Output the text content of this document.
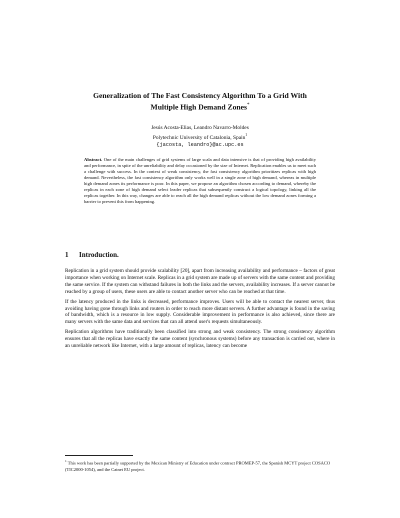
Generalization of The Fast Consistency Algorithm To a Grid With Multiple High Demand Zones*
Jesús Acosta-Elias, Leandro Navarro-Moldes
Polytechnic University of Catalonia, Spain$^1$
{jacosta, leandro}@ac.upc.es
Abstract. One of the main challenges of grid systems of large scala and data intensive is that of providing high availability and performance, in spite of the unreliability and delay occasioned by the size of Internet. Replication enables us to meet such a challenge with success. In the context of weak consistency, the fast consistency algorithm prioritizes replicas with high demand. Nevertheless, the fast consistency algorithm only works well in a single zone of high demand, whereas in multiple high demand zones its performance is poor. In this paper, we propose an algorithm chosen according to demand, whereby the replicas in each zone of high demand select leader replicas that subsequently construct a logical topology, linking all the replicas together. In this way, changes are able to reach all the high demand replicas without the low demand zones forming a barrier to prevent this from happening.
1 Introduction.

Replication in a grid system should provide scalability [20], apart from increasing availability and performance – factors of great importance when working on Internet scale. Replicas in a grid system are made up of servers with the same content and providing the same service. If the system can withstand failures in both the links and the servers, availability increases. If a server cannot be reached by a group of users, these users are able to contact another server who can be reached at that time.

If the latency produced in the links is decreased, performance improves. Users will be able to contact the nearest server, thus avoiding having gone through links and routers in order to reach more distant servers. A further advantage is found in the saving of bandwidth, which is a resource in low supply. Considerable improvement in performance is also achieved, since there are many servers with the same data and services that can all attend user's requests simultaneously.

Replication algorithms have traditionally been classified into strong and weak consistency. The strong consistency algorithm ensures that all the replicas have exactly the same content (synchronous systems) before any transaction is carried out, where in an unreliable network like Internet, with a large amount of replicas, latency can become

$^1$ This work has been partially supported by the Mexican Ministry of Education under contract PROMEP-57, the Spanish MCYT project COSACO (TIC2000-1054), and the Catnet EU project.
